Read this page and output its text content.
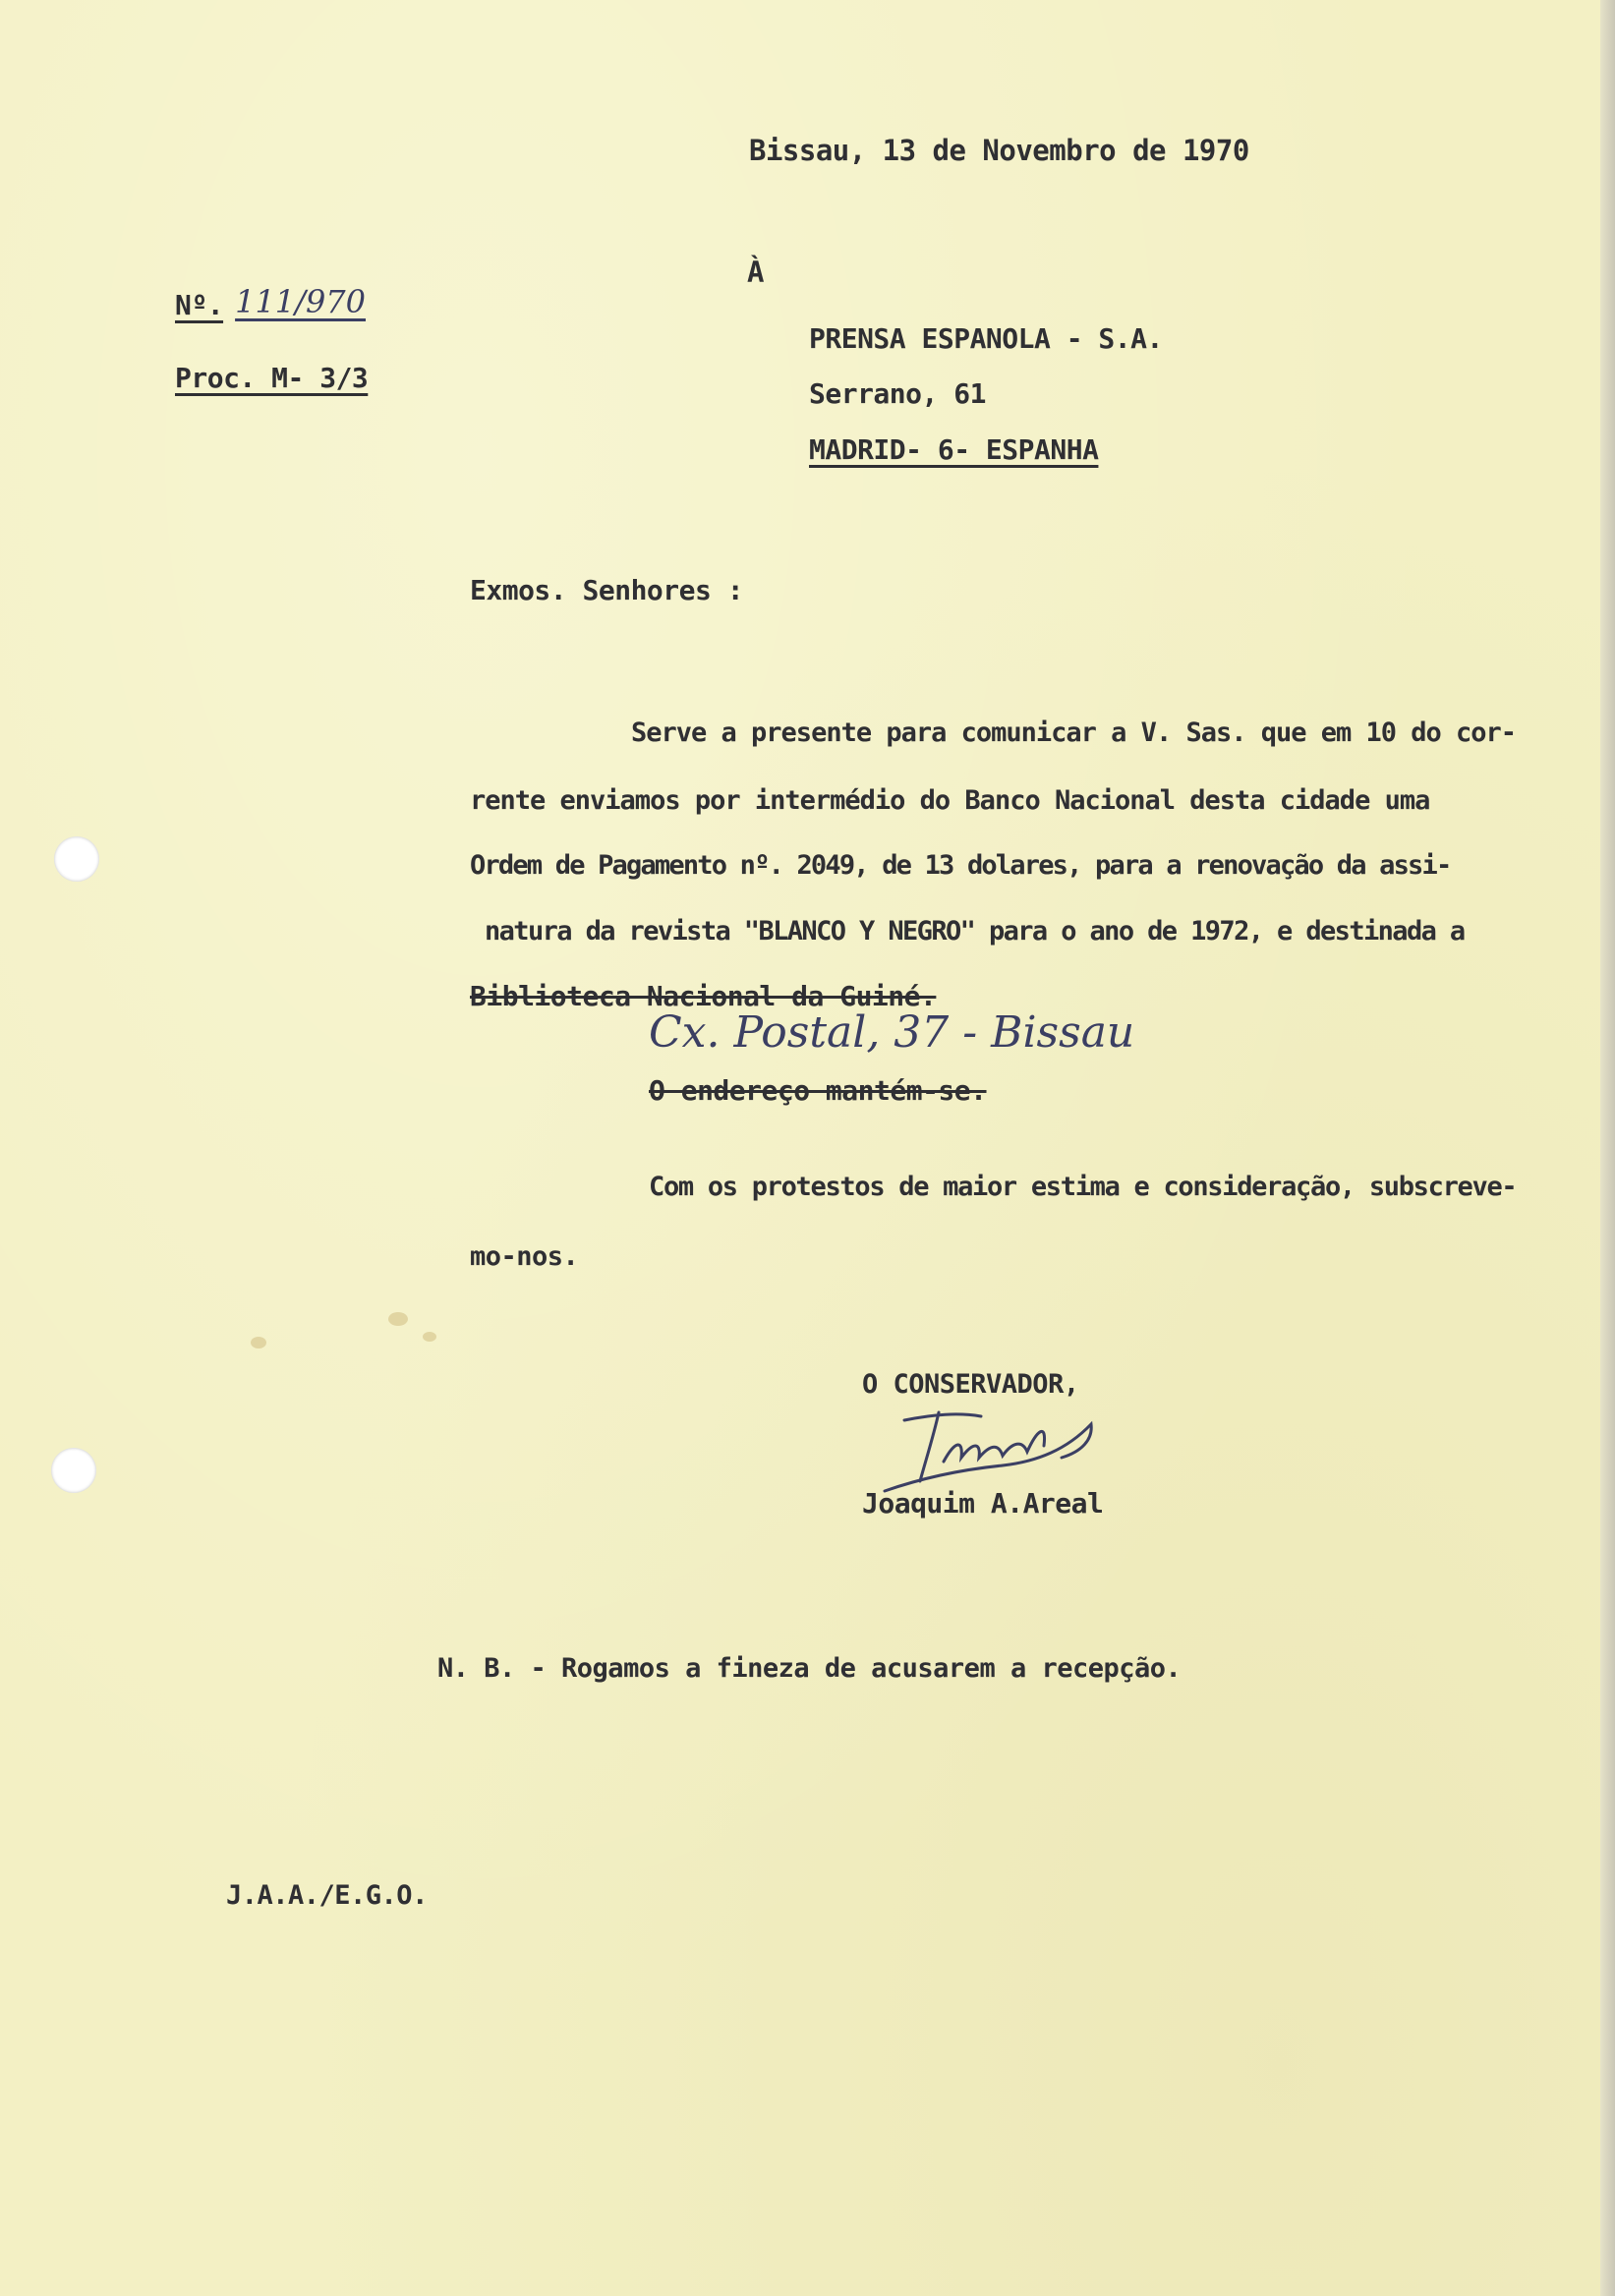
Bissau, 13 de Novembro de 1970
À
Nº. 111/970
Proc. M- 3/3
PRENSA ESPANOLA - S.A.
Serrano, 61
MADRID- 6- ESPANHA
Exmos. Senhores :
Serve a presente para comunicar a V. Sas. que em 10 do cor-
rente enviamos por intermédio do Banco Nacional desta cidade uma
Ordem de Pagamento nº. 2049, de 13 dolares, para a renovação da assi-
natura da revista "BLANCO Y NEGRO" para o ano de 1972, e destinada a
Biblioteca Nacional da Guiné.
Cx. Postal, 37 - Bissau
O endereço mantém-se.
Com os protestos de maior estima e consideração, subscreve-
mo-nos.
O CONSERVADOR,
Joaquim A.Areal
N. B. - Rogamos a fineza de acusarem a recepção.
J.A.A./E.G.O.
